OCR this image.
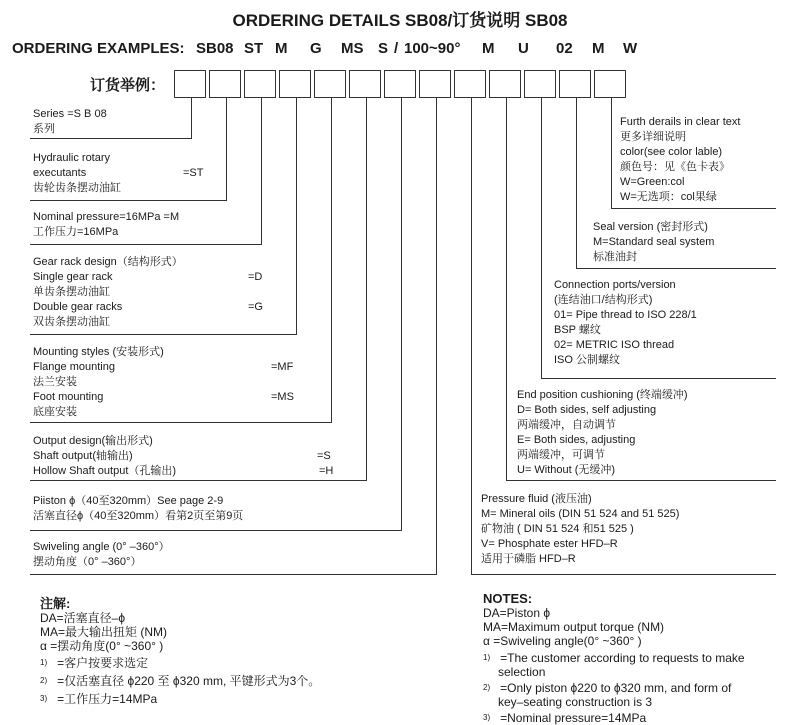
ORDERING DETAILS SB08/订货说明 SB08
ORDERING EXAMPLES: SB08 ST M G MS S / 100~90° M U 02 M W
订货举例：
Series =S B 08
系列
Hydraulic rotary
executants
齿轮齿条摆动油缸
=ST
Nominal pressure=16MPa =M
工作压力=16MPa
Gear rack design（结构形式）
Single gear rack
单齿条摆动油缸
Double gear racks
双齿条摆动油缸
=D
=G
Mounting styles (安装形式)
Flange mounting
法兰安装
Foot mounting
底座安装
=MF
=MS
Output design(输出形式)
Shaft output(轴输出)
Hollow Shaft output（孔输出)
=S
=H
Piiston ϕ（40至320mm）See page 2-9
活塞直径ϕ（40至320mm）看第2页至第9页
Swiveling angle (0° –360°）
摆动角度（0° –360°）
Furth derails in clear text
更多详细说明
color(see color lable)
颜色号：见《色卡表》
W=Green:col
W=无选项：col果绿
Seal version (密封形式)
M=Standard seal system
标准油封
Connection ports/version
(连结油口/结构形式)
01= Pipe thread to ISO 228/1
BSP 螺纹
02= METRIC ISO thread
ISO 公制螺纹
End position cushioning (终端缓冲)
D= Both sides, self adjusting
两端缓冲，自动调节
E= Both sides, adjusting
两端缓冲，可调节
U= Without (无缓冲)
Pressure fluid (液压油)
M= Mineral oils (DIN 51 524 and 51 525)
矿物油 ( DIN 51 524 和51 525 )
V= Phosphate ester HFD–R
适用于磷脂 HFD–R
注解:
DA=活塞直径–ϕ
MA=最大输出扭矩 (NM)
α =摆动角度(0° ~360° )
$^{1)}$ =客户按要求选定
$^{2)}$ =仅活塞直径 ϕ220 至 ϕ320 mm, 平键形式为3个。
$^{3)}$ =工作压力=14MPa
NOTES:
DA=Piston ϕ
MA=Maximum output torque (NM)
α =Swiveling angle(0° ~360° )
$^{1)}$ =The customer according to requests to make
selection
$^{2)}$ =Only piston ϕ220 to ϕ320 mm, and form of
key–seating construction is 3
$^{3)}$ =Nominal pressure=14MPa
